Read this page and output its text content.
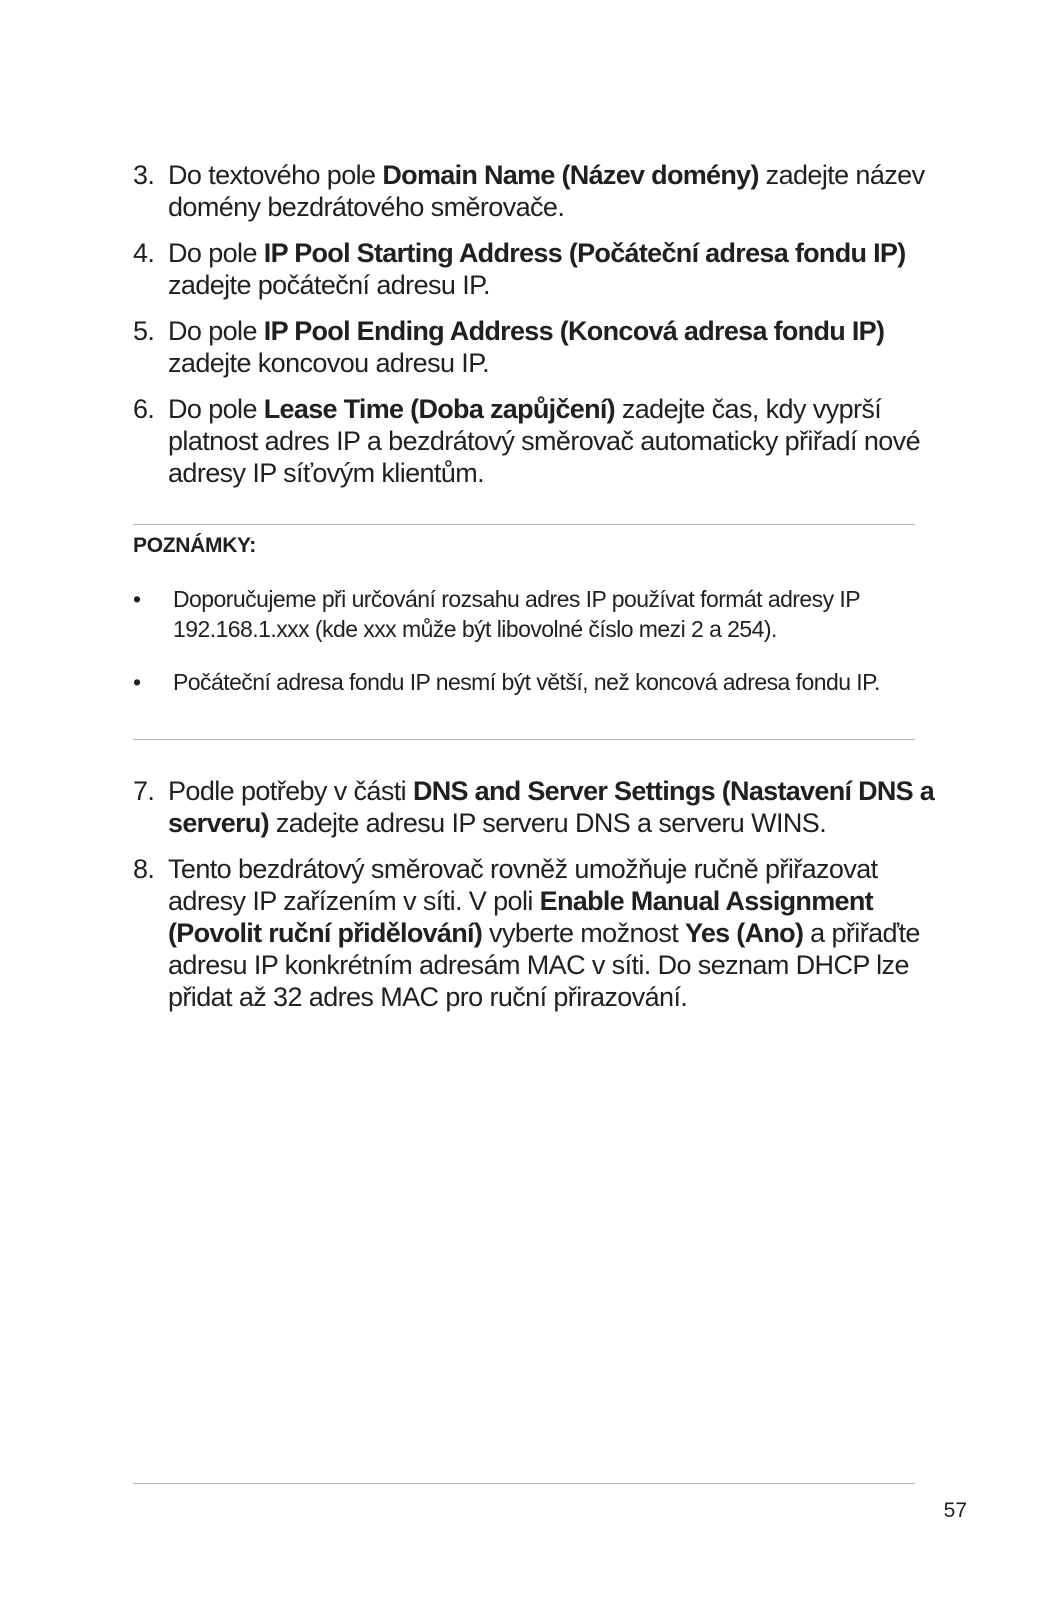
3. Do textového pole Domain Name (Název domény) zadejte název domény bezdrátového směrovače.
4. Do pole IP Pool Starting Address (Počáteční adresa fondu IP) zadejte počáteční adresu IP.
5. Do pole IP Pool Ending Address (Koncová adresa fondu IP) zadejte koncovou adresu IP.
6. Do pole Lease Time (Doba zapůjčení) zadejte čas, kdy vyprší platnost adres IP a bezdrátový směrovač automaticky přiřadí nové adresy IP síťovým klientům.
POZNÁMKY:
•	Doporučujeme při určování rozsahu adres IP používat formát adresy IP 192.168.1.xxx (kde xxx může být libovolné číslo mezi 2 a 254).
•	Počáteční adresa fondu IP nesmí být větší, než koncová adresa fondu IP.
7. Podle potřeby v části DNS and Server Settings (Nastavení DNS a serveru) zadejte adresu IP serveru DNS a serveru WINS.
8. Tento bezdrátový směrovač rovněž umožňuje ručně přiřazovat adresy IP zařízením v síti. V poli Enable Manual Assignment (Povolit ruční přidělování) vyberte možnost Yes (Ano) a přiřaďte adresu IP konkrétním adresám MAC v síti. Do seznam DHCP lze přidat až 32 adres MAC pro ruční přirazování.
57
